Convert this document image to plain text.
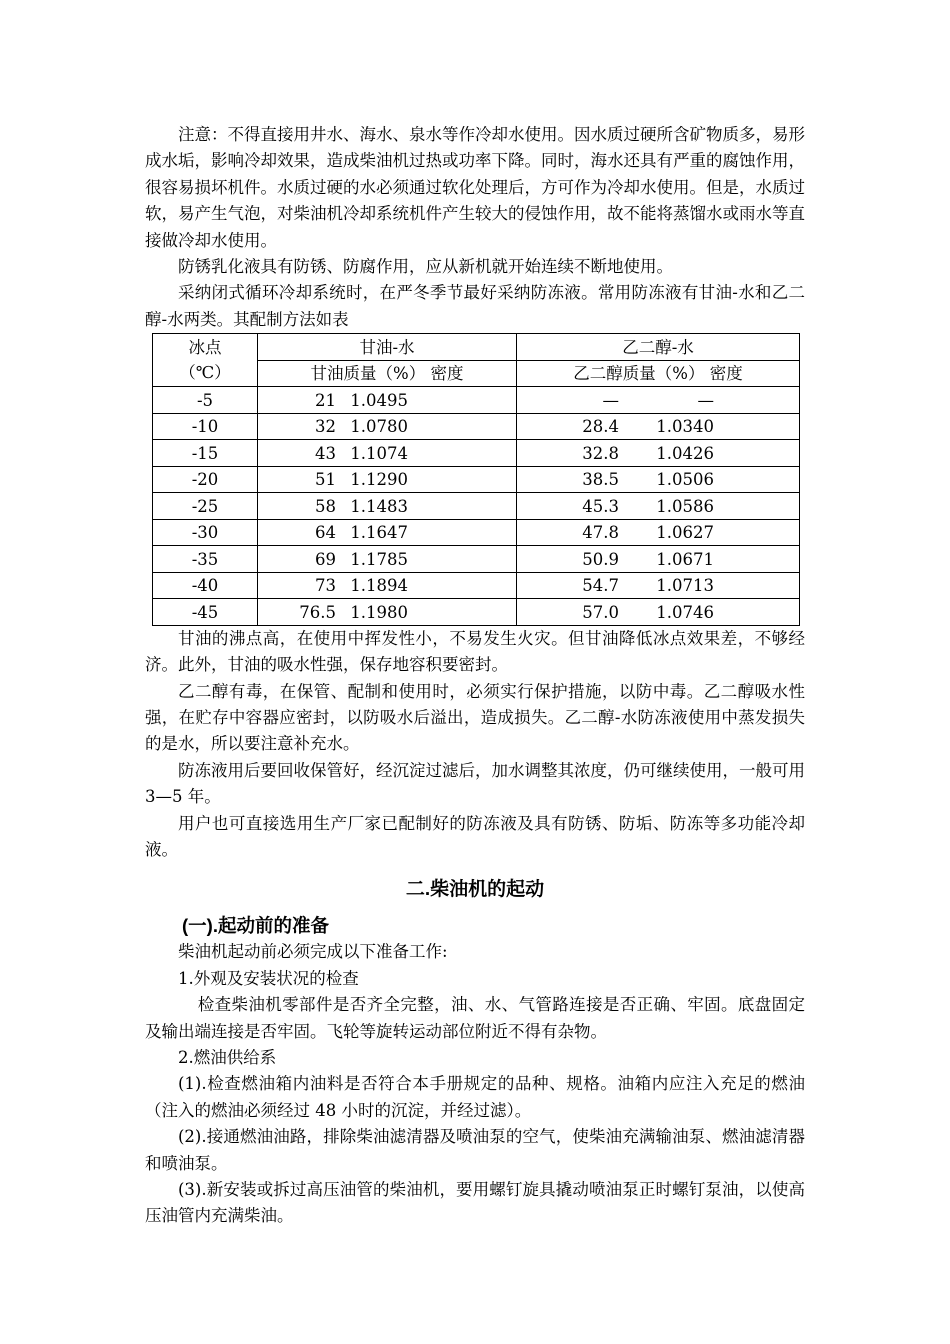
注意：不得直接用井水、海水、泉水等作冷却水使用。因水质过硬所含矿物质多，易形成水垢，影响冷却效果，造成柴油机过热或功率下降。同时，海水还具有严重的腐蚀作用，很容易损坏机件。水质过硬的水必须通过软化处理后，方可作为冷却水使用。但是，水质过软，易产生气泡，对柴油机冷却系统机件产生较大的侵蚀作用，故不能将蒸馏水或雨水等直接做冷却水使用。

防锈乳化液具有防锈、防腐作用，应从新机就开始连续不断地使用。

采纳闭式循环冷却系统时，在严冬季节最好采纳防冻液。常用防冻液有甘油-水和乙二醇-水两类。其配制方法如表

冰点
（℃）	甘油-水	乙二醇-水
	甘油质量（%） 密度	乙二醇质量（%） 密度
-5	21 1.0495	— —
-10	32 1.0780	28.4 1.0340
-15	43 1.1074	32.8 1.0426
-20	51 1.1290	38.5 1.0506
-25	58 1.1483	45.3 1.0586
-30	64 1.1647	47.8 1.0627
-35	69 1.1785	50.9 1.0671
-40	73 1.1894	54.7 1.0713
-45	76.5 1.1980	57.0 1.0746

甘油的沸点高，在使用中挥发性小，不易发生火灾。但甘油降低冰点效果差，不够经济。此外，甘油的吸水性强，保存地容积要密封。

乙二醇有毒，在保管、配制和使用时，必须实行保护措施，以防中毒。乙二醇吸水性强，在贮存中容器应密封，以防吸水后溢出，造成损失。乙二醇-水防冻液使用中蒸发损失的是水，所以要注意补充水。

防冻液用后要回收保管好，经沉淀过滤后，加水调整其浓度，仍可继续使用，一般可用 3—5 年。

用户也可直接选用生产厂家已配制好的防冻液及具有防锈、防垢、防冻等多功能冷却液。

二.柴油机的起动
(一).起动前的准备

柴油机起动前必须完成以下准备工作:

1.外观及安装状况的检查

检查柴油机零部件是否齐全完整，油、水、气管路连接是否正确、牢固。底盘固定及输出端连接是否牢固。飞轮等旋转运动部位附近不得有杂物。

2.燃油供给系

(1).检查燃油箱内油料是否符合本手册规定的品种、规格。油箱内应注入充足的燃油（注入的燃油必须经过 48 小时的沉淀，并经过滤）。

(2).接通燃油油路，排除柴油滤清器及喷油泵的空气，使柴油充满输油泵、燃油滤清器和喷油泵。

(3).新安装或拆过高压油管的柴油机，要用螺钉旋具撬动喷油泵正时螺钉泵油，以使高压油管内充满柴油。
